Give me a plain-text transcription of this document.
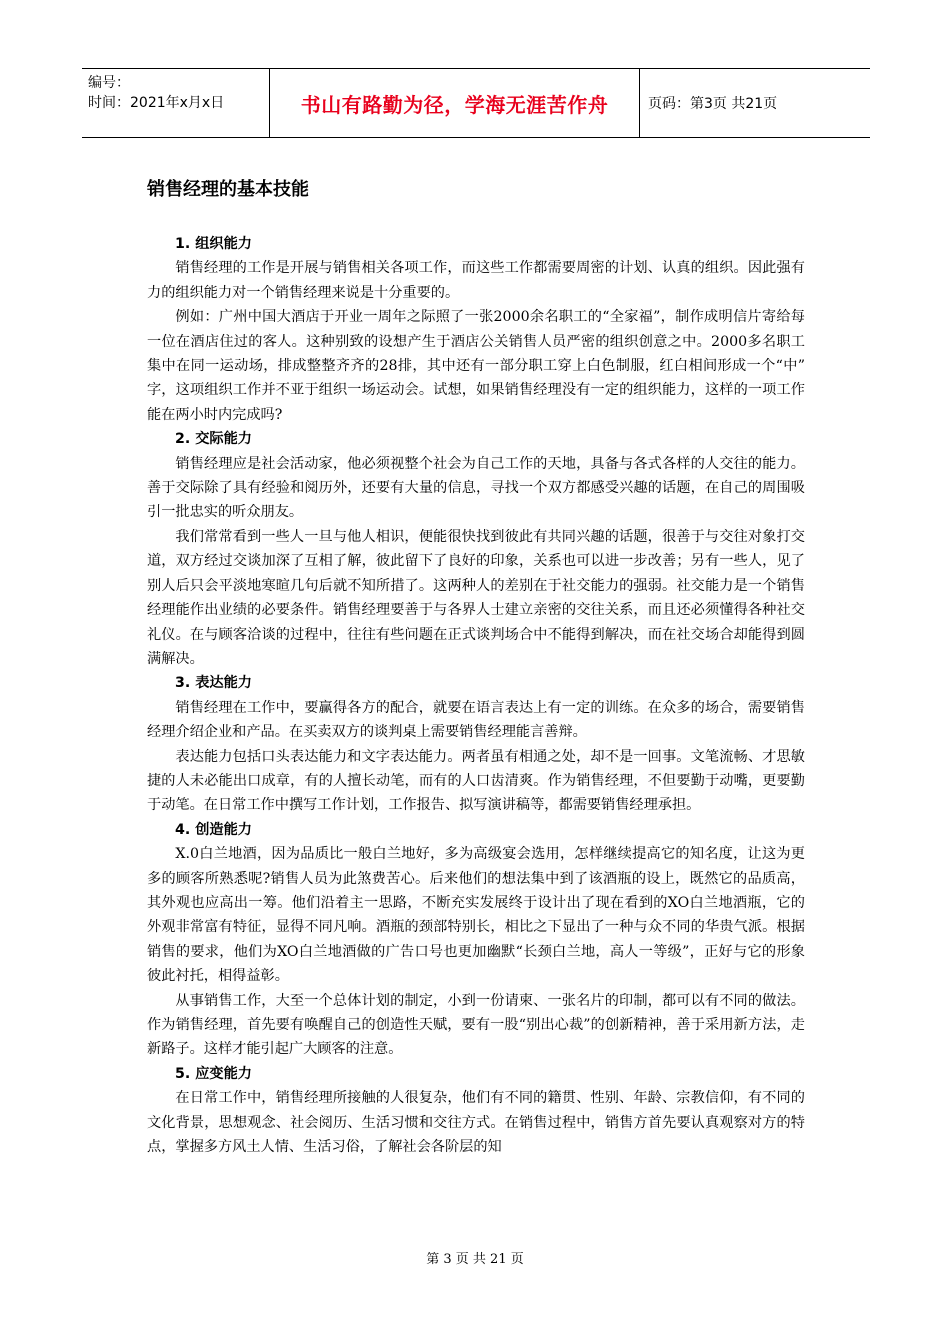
编号：
时间：2021年x月x日	书山有路勤为径，学海无涯苦作舟	页码：第3页 共21页
销售经理的基本技能
1. 组织能力

销售经理的工作是开展与销售相关各项工作，而这些工作都需要周密的计划、认真的组织。因此强有力的组织能力对一个销售经理来说是十分重要的。

例如：广州中国大酒店于开业一周年之际照了一张2000余名职工的“全家福”，制作成明信片寄给每一位在酒店住过的客人。这种别致的设想产生于酒店公关销售人员严密的组织创意之中。2000多名职工集中在同一运动场，排成整整齐齐的28排，其中还有一部分职工穿上白色制服，红白相间形成一个“中” 字，这项组织工作并不亚于组织一场运动会。试想，如果销售经理没有一定的组织能力，这样的一项工作能在两小时内完成吗?

2. 交际能力

销售经理应是社会活动家，他必须视整个社会为自己工作的天地，具备与各式各样的人交往的能力。善于交际除了具有经验和阅历外，还要有大量的信息，寻找一个双方都感受兴趣的话题，在自己的周围吸引一批忠实的听众朋友。

我们常常看到一些人一旦与他人相识，便能很快找到彼此有共同兴趣的话题，很善于与交往对象打交道，双方经过交谈加深了互相了解，彼此留下了良好的印象，关系也可以进一步改善；另有一些人，见了别人后只会平淡地寒暄几句后就不知所措了。这两种人的差别在于社交能力的强弱。社交能力是一个销售经理能作出业绩的必要条件。销售经理要善于与各界人士建立亲密的交往关系，而且还必须懂得各种社交礼仪。在与顾客洽谈的过程中，往往有些问题在正式谈判场合中不能得到解决，而在社交场合却能得到圆满解决。

3. 表达能力

销售经理在工作中，要赢得各方的配合，就要在语言表达上有一定的训练。在众多的场合，需要销售经理介绍企业和产品。在买卖双方的谈判桌上需要销售经理能言善辩。

表达能力包括口头表达能力和文字表达能力。两者虽有相通之处，却不是一回事。文笔流畅、才思敏捷的人未必能出口成章，有的人擅长动笔，而有的人口齿清爽。作为销售经理，不但要勤于动嘴，更要勤于动笔。在日常工作中撰写工作计划，工作报告、拟写演讲稿等，都需要销售经理承担。

4. 创造能力

X.0白兰地酒，因为品质比一般白兰地好，多为高级宴会选用，怎样继续提高它的知名度，让这为更多的顾客所熟悉呢?销售人员为此煞费苦心。后来他们的想法集中到了该酒瓶的设上，既然它的品质高，其外观也应高出一筹。他们沿着主一思路，不断充实发展终于设计出了现在看到的XO白兰地酒瓶，它的外观非常富有特征，显得不同凡响。酒瓶的颈部特别长，相比之下显出了一种与众不同的华贵气派。根据销售的要求，他们为XO白兰地酒做的广告口号也更加幽默“长颈白兰地，高人一等级”，正好与它的形象彼此衬托，相得益彰。

从事销售工作，大至一个总体计划的制定，小到一份请柬、一张名片的印制，都可以有不同的做法。作为销售经理，首先要有唤醒自己的创造性天赋，要有一股“别出心裁”的创新精神，善于采用新方法，走新路子。这样才能引起广大顾客的注意。

5. 应变能力

在日常工作中，销售经理所接触的人很复杂，他们有不同的籍贯、性别、年龄、宗教信仰，有不同的文化背景，思想观念、社会阅历、生活习惯和交往方式。在销售过程中，销售方首先要认真观察对方的特点，掌握多方风土人情、生活习俗，了解社会各阶层的知

第 3 页 共 21 页
